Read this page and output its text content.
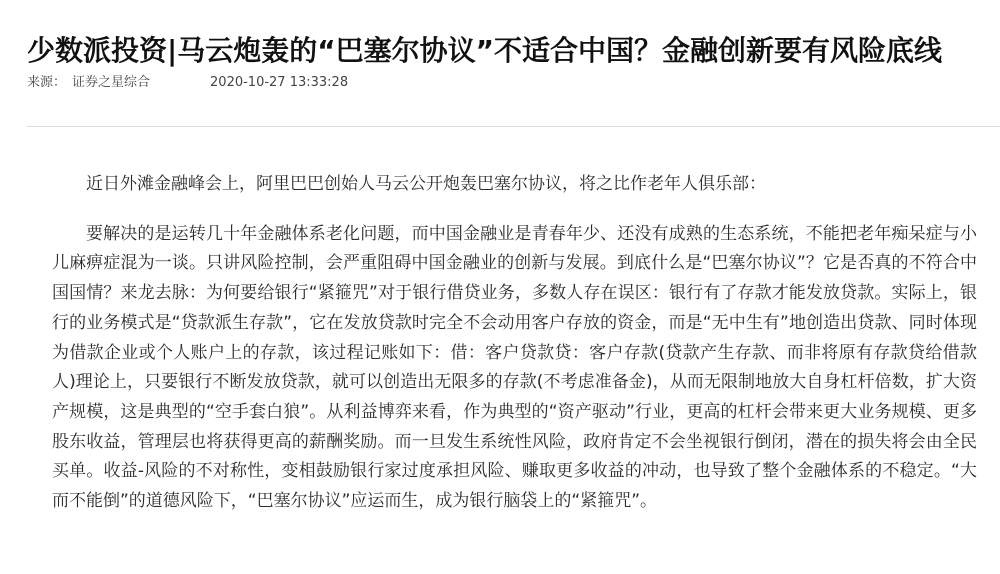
少数派投资|马云炮轰的“巴塞尔协议”不适合中国？金融创新要有风险底线
来源： 证券之星综合	2020-10-27 13:33:28

近日外滩金融峰会上，阿里巴巴创始人马云公开炮轰巴塞尔协议，将之比作老年人俱乐部：

要解决的是运转几十年金融体系老化问题，而中国金融业是青春年少、还没有成熟的生态系统，不能把老年痴呆症与小儿麻痹症混为一谈。只讲风险控制，会严重阻碍中国金融业的创新与发展。到底什么是“巴塞尔协议”？它是否真的不符合中国国情？来龙去脉：为何要给银行“紧箍咒”对于银行借贷业务，多数人存在误区：银行有了存款才能发放贷款。实际上，银行的业务模式是“贷款派生存款”，它在发放贷款时完全不会动用客户存放的资金，而是“无中生有”地创造出贷款、同时体现为借款企业或个人账户上的存款，该过程记账如下：借：客户贷款贷：客户存款(贷款产生存款、而非将原有存款贷给借款人)理论上，只要银行不断发放贷款，就可以创造出无限多的存款(不考虑准备金)，从而无限制地放大自身杠杆倍数，扩大资产规模，这是典型的“空手套白狼”。从利益博弈来看，作为典型的“资产驱动”行业，更高的杠杆会带来更大业务规模、更多股东收益，管理层也将获得更高的薪酬奖励。而一旦发生系统性风险，政府肯定不会坐视银行倒闭，潜在的损失将会由全民买单。收益-风险的不对称性，变相鼓励银行家过度承担风险、赚取更多收益的冲动，也导致了整个金融体系的不稳定。“大而不能倒”的道德风险下，“巴塞尔协议”应运而生，成为银行脑袋上的“紧箍咒”。
